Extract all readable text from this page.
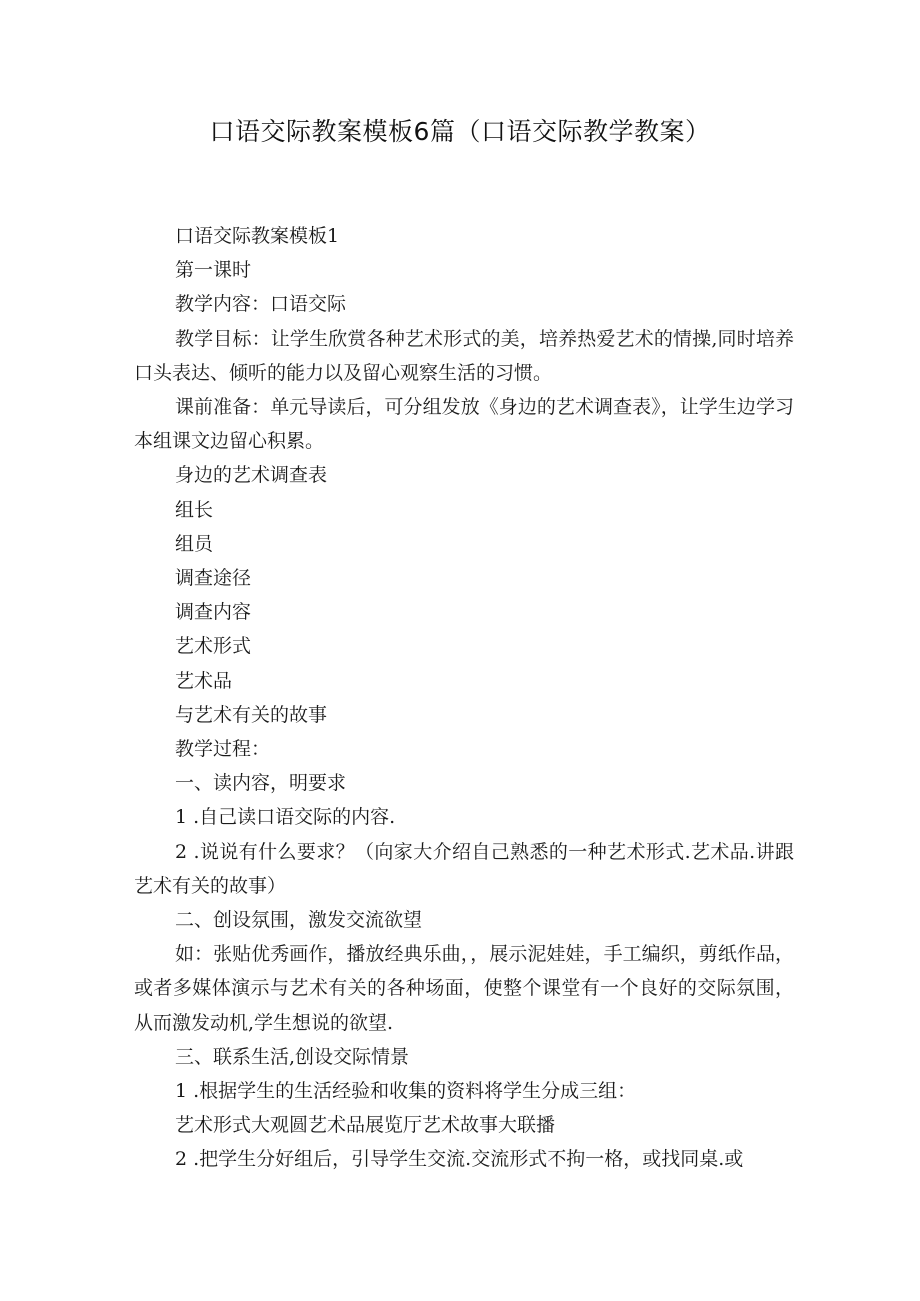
口语交际教案模板6篇（口语交际教学教案）

口语交际教案模板1

第一课时

教学内容：口语交际

教学目标：让学生欣赏各种艺术形式的美，培养热爱艺术的情操,同时培养口头表达、倾听的能力以及留心观察生活的习惯。

课前准备：单元导读后，可分组发放《身边的艺术调查表》，让学生边学习本组课文边留心积累。

身边的艺术调查表

组长

组员

调查途径

调查内容

艺术形式

艺术品

与艺术有关的故事

教学过程：

一、读内容，明要求

1 .自己读口语交际的内容.

2 .说说有什么要求？（向家大介绍自己熟悉的一种艺术形式.艺术品.讲跟艺术有关的故事）

二、创设氛围，激发交流欲望

如：张贴优秀画作，播放经典乐曲，，展示泥娃娃，手工编织，剪纸作品，或者多媒体演示与艺术有关的各种场面，使整个课堂有一个良好的交际氛围，从而激发动机,学生想说的欲望.

三、联系生活,创设交际情景

1 .根据学生的生活经验和收集的资料将学生分成三组：

艺术形式大观圆艺术品展览厅艺术故事大联播

2 .把学生分好组后，引导学生交流.交流形式不拘一格，或找同桌.或
